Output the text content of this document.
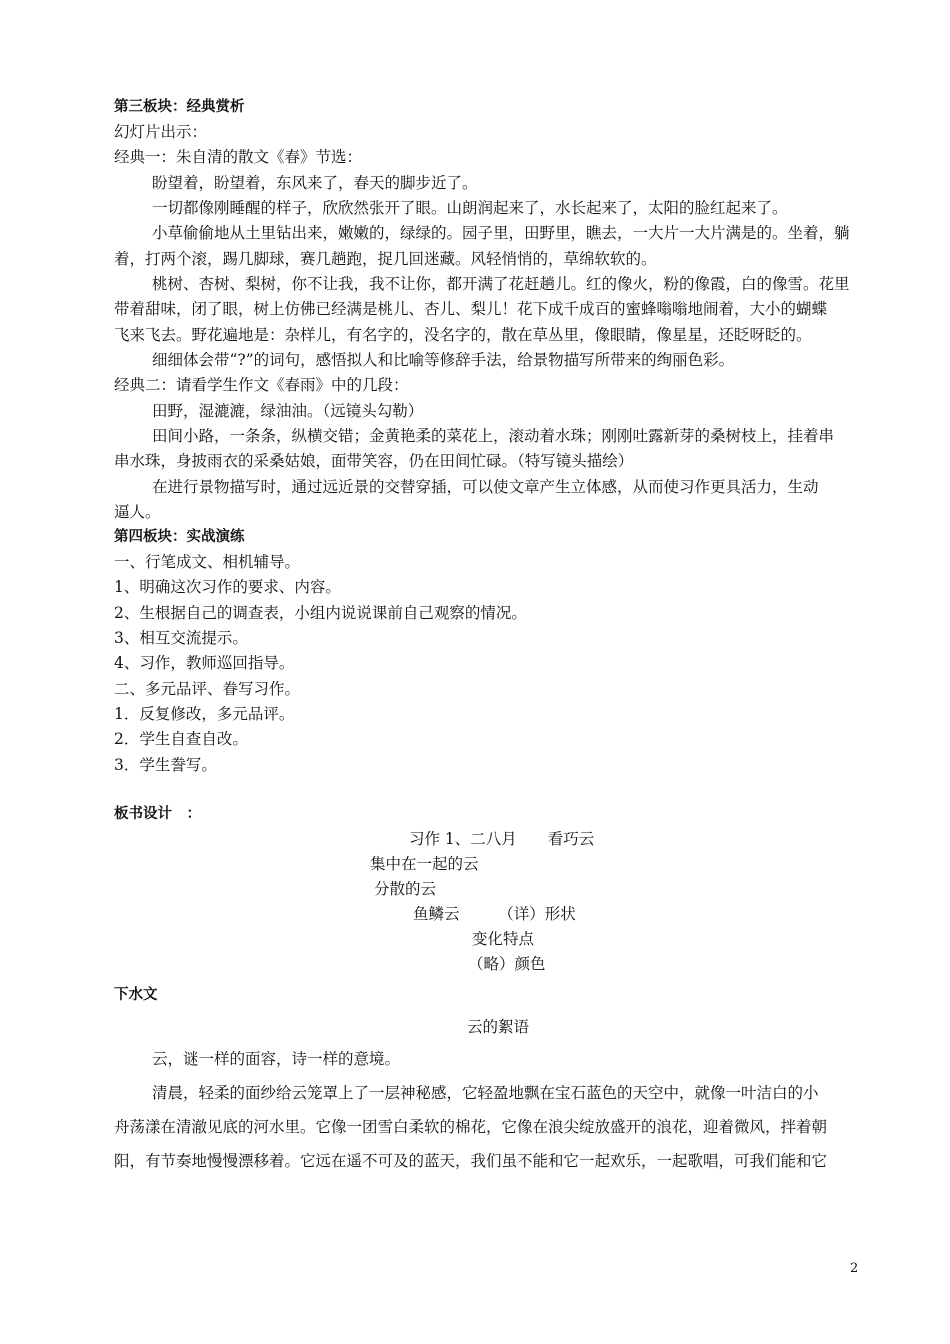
第三板块：经典赏析
幻灯片出示：
经典一：朱自清的散文《春》节选：
盼望着，盼望着，东风来了，春天的脚步近了。
一切都像刚睡醒的样子，欣欣然张开了眼。山朗润起来了，水长起来了，太阳的脸红起来了。
小草偷偷地从土里钻出来，嫩嫩的，绿绿的。园子里，田野里，瞧去，一大片一大片满是的。坐着，躺
着，打两个滚，踢几脚球，赛几趟跑，捉几回迷藏。风轻悄悄的，草绵软软的。
桃树、杏树、梨树，你不让我，我不让你，都开满了花赶趟儿。红的像火，粉的像霞，白的像雪。花里
带着甜味，闭了眼，树上仿佛已经满是桃儿、杏儿、梨儿！花下成千成百的蜜蜂嗡嗡地闹着，大小的蝴蝶
飞来飞去。野花遍地是：杂样儿，有名字的，没名字的，散在草丛里，像眼睛，像星星，还眨呀眨的。
细细体会带“?”的词句，感悟拟人和比喻等修辞手法，给景物描写所带来的绚丽色彩。
经典二：请看学生作文《春雨》中的几段：
田野，湿漉漉，绿油油。（远镜头勾勒）
田间小路，一条条，纵横交错；金黄艳柔的菜花上，滚动着水珠；刚刚吐露新芽的桑树枝上，挂着串
串水珠，身披雨衣的采桑姑娘，面带笑容，仍在田间忙碌。（特写镜头描绘）
在进行景物描写时，通过远近景的交替穿插，可以使文章产生立体感，从而使习作更具活力，生动
逼人。
第四板块：实战演练
一、行笔成文、相机辅导。
1、明确这次习作的要求、内容。
2、生根据自己的调查表，小组内说说课前自己观察的情况。
3、相互交流提示。
4、习作，教师巡回指导。
二、多元品评、眷写习作。
1．反复修改，多元品评。
2．学生自查自改。
3．学生誊写。
板书设计　：
习作 1、二八月　　看巧云
集中在一起的云
分散的云
鱼鳞云　　　（详）形状
变化特点
（略）颜色
下水文
云的絮语
云，谜一样的面容，诗一样的意境。
清晨，轻柔的面纱给云笼罩上了一层神秘感，它轻盈地飘在宝石蓝色的天空中，就像一叶洁白的小
舟荡漾在清澈见底的河水里。它像一团雪白柔软的棉花，它像在浪尖绽放盛开的浪花，迎着微风，拌着朝
阳，有节奏地慢慢漂移着。它远在遥不可及的蓝天，我们虽不能和它一起欢乐，一起歌唱，可我们能和它
2
